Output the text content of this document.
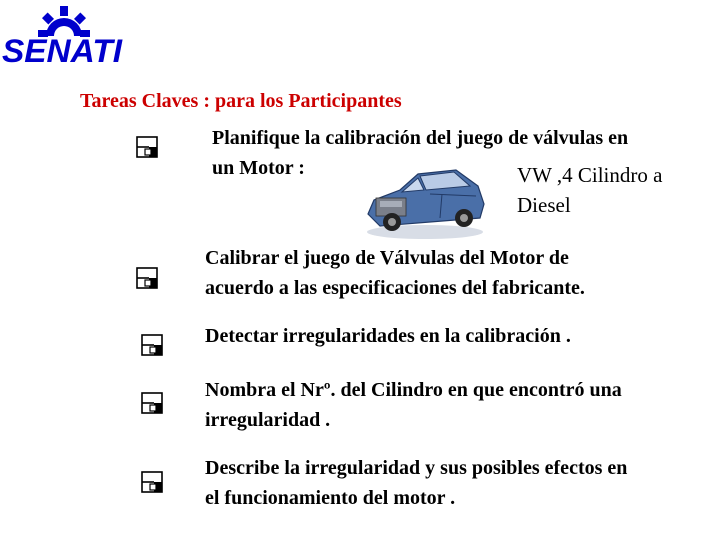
SENATI
Tareas Claves : para los Participantes
Planifique la calibración del juego de válvulas en
un Motor :
Calibrar el juego de Válvulas del Motor de
acuerdo a las especificaciones del fabricante.
Detectar irregularidades en la calibración .
Nombra el Nrº. del Cilindro en que encontró una
irregularidad .
Describe la irregularidad y sus posibles efectos en
el funcionamiento del motor .
VW ,4 Cilindro a
Diesel
